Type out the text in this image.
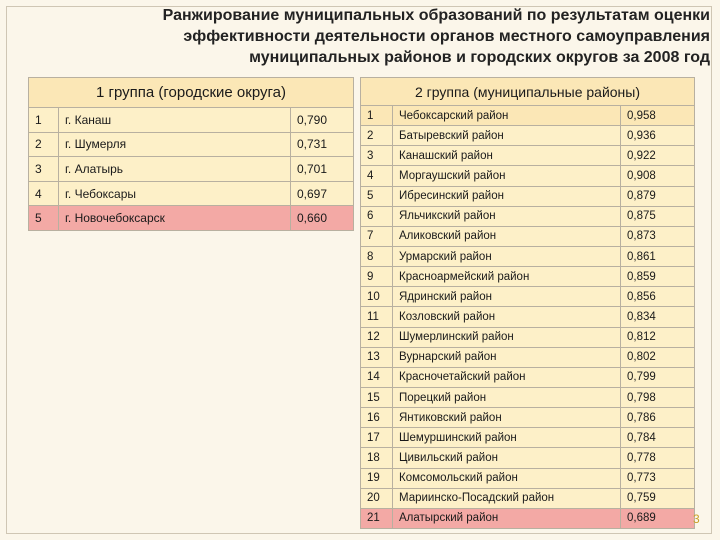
Ранжирование муниципальных образований по результатам оценки
эффективности деятельности органов местного самоуправления
муниципальных районов и городских округов за 2008 год
1 группа (городские округа)		
1	г. Канаш	0,790
2	г. Шумерля	0,731
3	г. Алатырь	0,701
4	г. Чебоксары	0,697
5	г. Новочебоксарск	0,660
2 группа (муниципальные районы)		
1	Чебоксарский район	0,958
2	Батыревский район	0,936
3	Канашский район	0,922
4	Моргаушский район	0,908
5	Ибресинский район	0,879
6	Яльчикский район	0,875
7	Аликовский район	0,873
8	Урмарский район	0,861
9	Красноармейский район	0,859
10	Ядринский район	0,856
11	Козловский район	0,834
12	Шумерлинский район	0,812
13	Вурнарский район	0,802
14	Красночетайский район	0,799
15	Порецкий район	0,798
16	Янтиковский район	0,786
17	Шемуршинский район	0,784
18	Цивильский район	0,778
19	Комсомольский район	0,773
20	Мариинско-Посадский район	0,759
21	Алатырский район	0,689	3
